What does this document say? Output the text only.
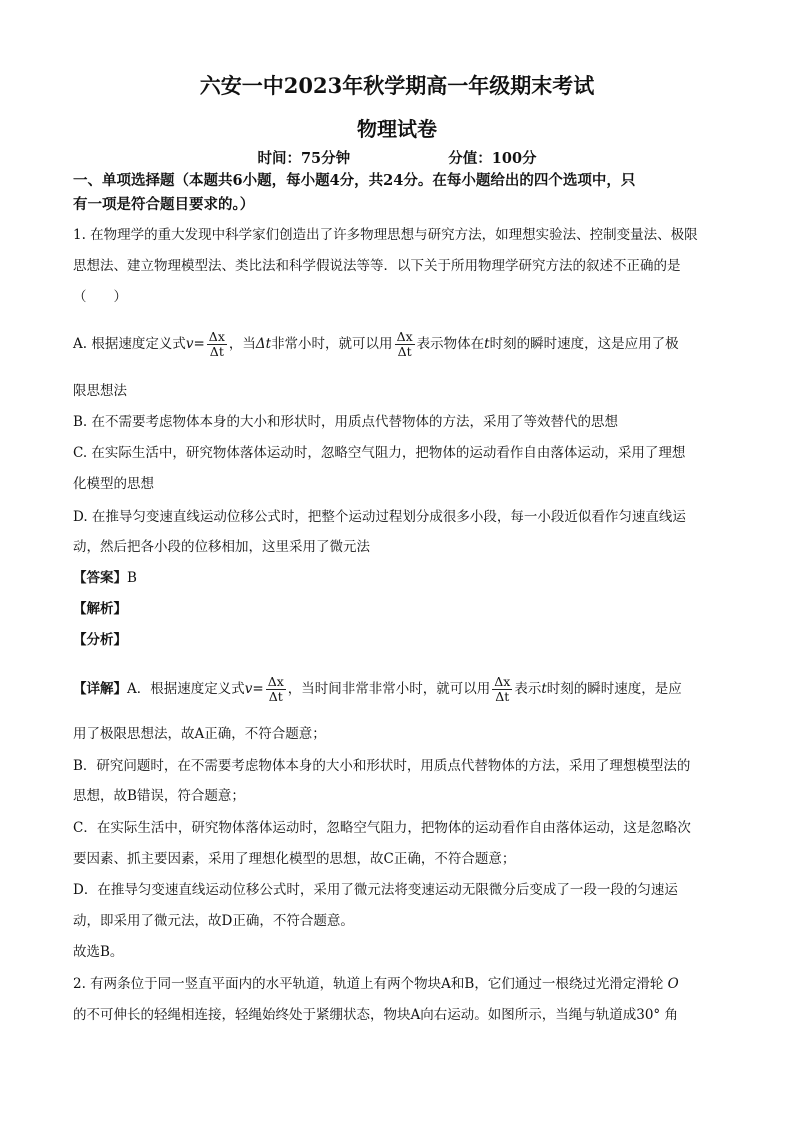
六安一中2023年秋学期高一年级期末考试
物理试卷
时间：75分钟	分值：100分
一、单项选择题（本题共6小题，每小题4分，共24分。在每小题给出的四个选项中，只
有一项是符合题目要求的。）
1. 在物理学的重大发现中科学家们创造出了许多物理思想与研究方法，如理想实验法、控制变量法、极限
思想法、建立物理模型法、类比法和科学假说法等等．以下关于所用物理学研究方法的叙述不正确的是
（　　）
A. 根据速度定义式$v= \frac{\Delta x}{\Delta t}$ ，当Δt非常小时，就可以用 $\frac{\Delta x}{\Delta t}$ 表示物体在t时刻的瞬时速度，这是应用了极
限思想法
B. 在不需要考虑物体本身的大小和形状时，用质点代替物体的方法，采用了等效替代的思想
C. 在实际生活中，研究物体落体运动时，忽略空气阻力，把物体的运动看作自由落体运动，采用了理想
化模型的思想
D. 在推导匀变速直线运动位移公式时，把整个运动过程划分成很多小段，每一小段近似看作匀速直线运
动，然后把各小段的位移相加，这里采用了微元法
【答案】B
【解析】
【分析】
【详解】A．根据速度定义式$v= \frac{\Delta x}{\Delta t}$ ，当时间非常非常小时，就可以用 $\frac{\Delta x}{\Delta t}$ 表示t时刻的瞬时速度，是应
用了极限思想法，故A正确，不符合题意；
B．研究问题时，在不需要考虑物体本身的大小和形状时，用质点代替物体的方法，采用了理想模型法的
思想，故B错误，符合题意；
C．在实际生活中，研究物体落体运动时，忽略空气阻力，把物体的运动看作自由落体运动，这是忽略次
要因素、抓主要因素，采用了理想化模型的思想，故C正确，不符合题意；
D．在推导匀变速直线运动位移公式时，采用了微元法将变速运动无限微分后变成了一段一段的匀速运
动，即采用了微元法，故D正确，不符合题意。
故选B。
2. 有两条位于同一竖直平面内的水平轨道，轨道上有两个物块A和B，它们通过一根绕过光滑定滑轮 O
的不可伸长的轻绳相连接，轻绳始终处于紧绷状态，物块A向右运动。如图所示，当绳与轨道成30° 角
